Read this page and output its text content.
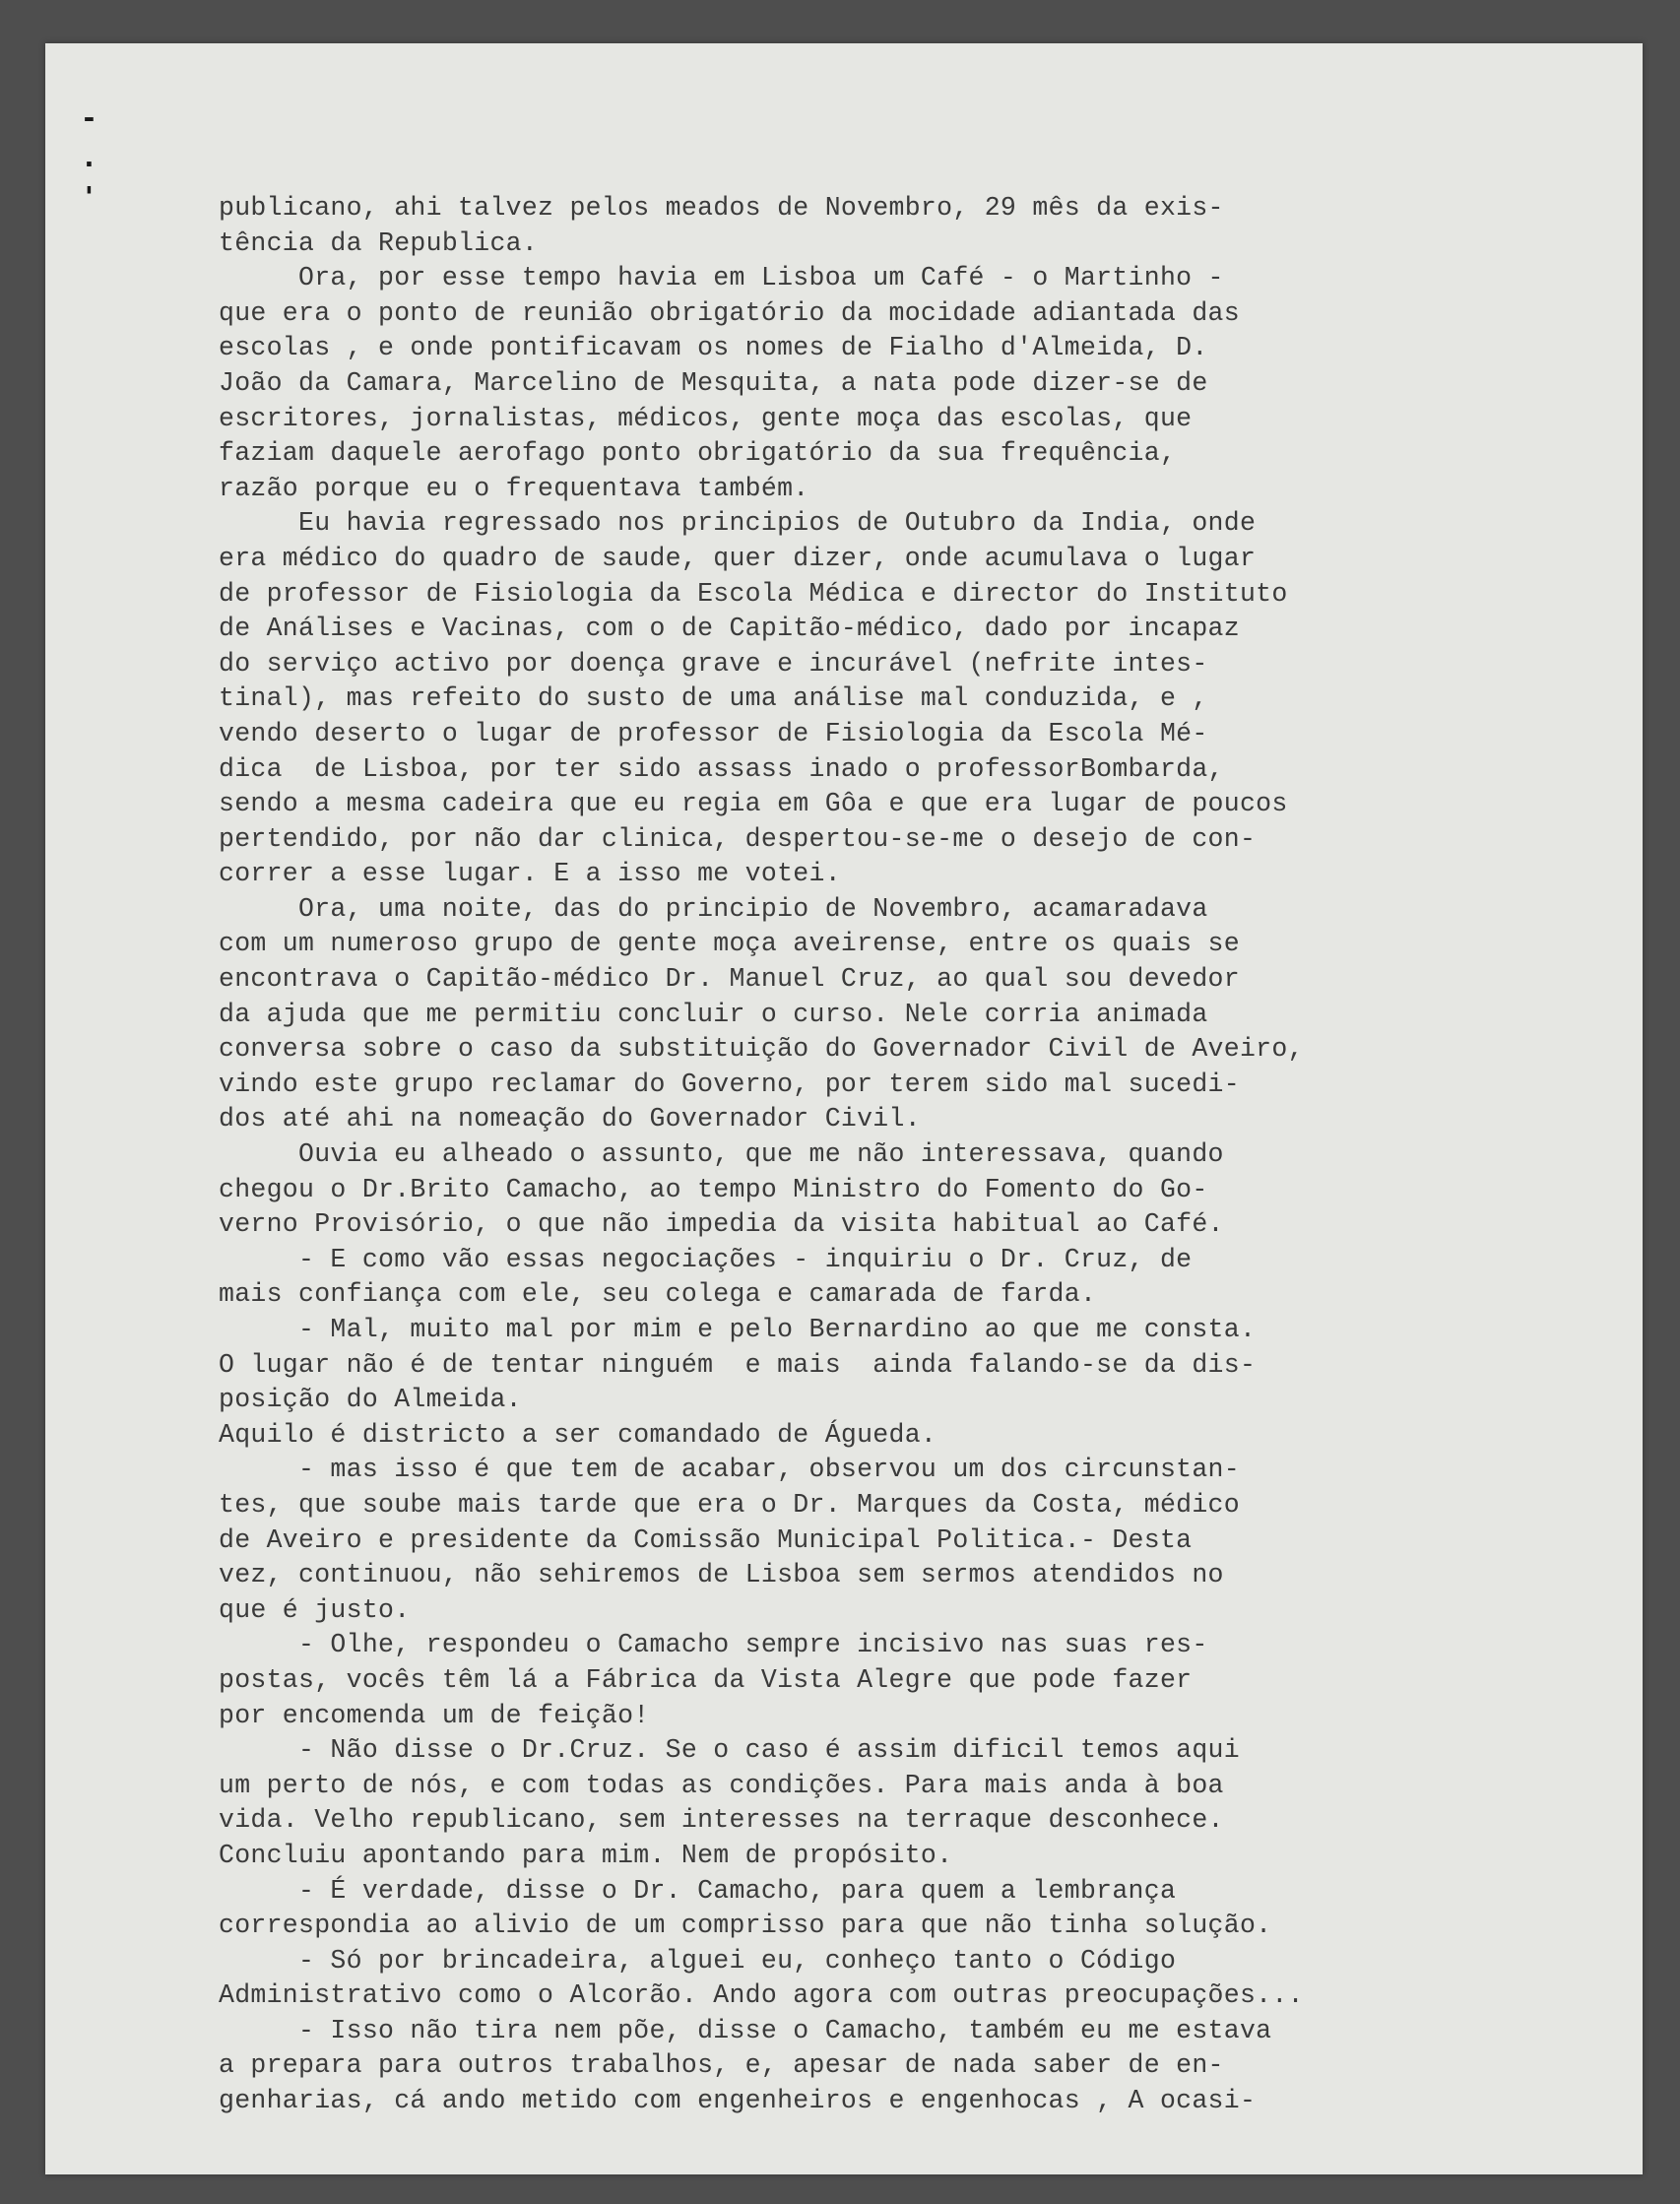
-
.
'	publicano, ahi talvez pelos meados de Novembro, 29 mês da exis-
tência da Republica.
Ora, por esse tempo havia em Lisboa um Café - o Martinho -
que era o ponto de reunião obrigatório da mocidade adiantada das
escolas , e onde pontificavam os nomes de Fialho d'Almeida, D.
João da Camara, Marcelino de Mesquita, a nata pode dizer-se de
escritores, jornalistas, médicos, gente moça das escolas, que
faziam daquele aerofago ponto obrigatório da sua frequência,
razão porque eu o frequentava também.
Eu havia regressado nos principios de Outubro da India, onde
era médico do quadro de saude, quer dizer, onde acumulava o lugar
de professor de Fisiologia da Escola Médica e director do Instituto
de Análises e Vacinas, com o de Capitão-médico, dado por incapaz
do serviço activo por doença grave e incurável (nefrite intes-
tinal), mas refeito do susto de uma análise mal conduzida, e ,
vendo deserto o lugar de professor de Fisiologia da Escola Mé-
dica  de Lisboa, por ter sido assass inado o professorBombarda,
sendo a mesma cadeira que eu regia em Gôa e que era lugar de poucos
pertendido, por não dar clinica, despertou-se-me o desejo de con-
correr a esse lugar. E a isso me votei.
Ora, uma noite, das do principio de Novembro, acamaradava
com um numeroso grupo de gente moça aveirense, entre os quais se
encontrava o Capitão-médico Dr. Manuel Cruz, ao qual sou devedor
da ajuda que me permitiu concluir o curso. Nele corria animada
conversa sobre o caso da substituição do Governador Civil de Aveiro,
vindo este grupo reclamar do Governo, por terem sido mal sucedi-
dos até ahi na nomeação do Governador Civil.
Ouvia eu alheado o assunto, que me não interessava, quando
chegou o Dr.Brito Camacho, ao tempo Ministro do Fomento do Go-
verno Provisório, o que não impedia da visita habitual ao Café.
- E como vão essas negociações - inquiriu o Dr. Cruz, de
mais confiança com ele, seu colega e camarada de farda.
- Mal, muito mal por mim e pelo Bernardino ao que me consta.
O lugar não é de tentar ninguém  e mais  ainda falando-se da dis-
posição do Almeida.
Aquilo é districto a ser comandado de Águeda.
- mas isso é que tem de acabar, observou um dos circunstan-
tes, que soube mais tarde que era o Dr. Marques da Costa, médico
de Aveiro e presidente da Comissão Municipal Politica.- Desta
vez, continuou, não sehiremos de Lisboa sem sermos atendidos no
que é justo.
- Olhe, respondeu o Camacho sempre incisivo nas suas res-
postas, vocês têm lá a Fábrica da Vista Alegre que pode fazer
por encomenda um de feição!
- Não disse o Dr.Cruz. Se o caso é assim dificil temos aqui
um perto de nós, e com todas as condições. Para mais anda à boa
vida. Velho republicano, sem interesses na terraque desconhece.
Concluiu apontando para mim. Nem de propósito.
- É verdade, disse o Dr. Camacho, para quem a lembrança
correspondia ao alivio de um comprisso para que não tinha solução.
- Só por brincadeira, alguei eu, conheço tanto o Código
Administrativo como o Alcorão. Ando agora com outras preocupações...
- Isso não tira nem põe, disse o Camacho, também eu me estava
a prepara para outros trabalhos, e, apesar de nada saber de en-
genharias, cá ando metido com engenheiros e engenhocas , A ocasi-
